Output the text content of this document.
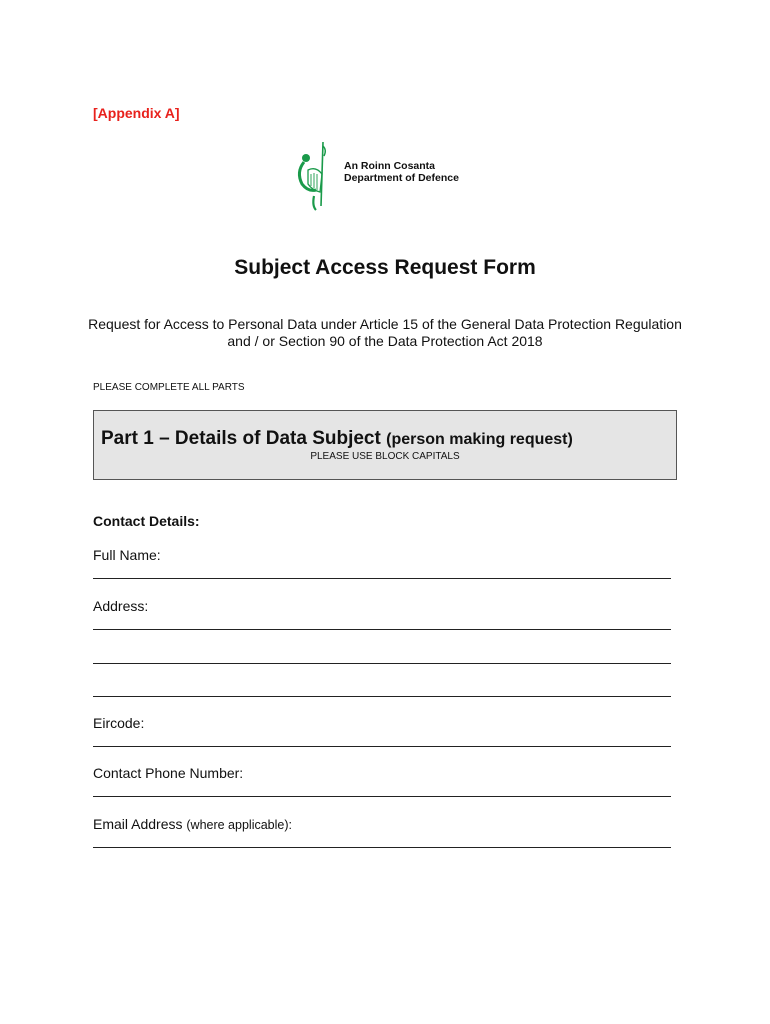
[Appendix A]
An Roinn Cosanta
Department of Defence
Subject Access Request Form

Request for Access to Personal Data under Article 15 of the General Data Protection Regulation and / or Section 90 of the Data Protection Act 2018

PLEASE COMPLETE ALL PARTS
Part 1 – Details of Data Subject (person making request)
PLEASE USE BLOCK CAPITALS
Contact Details:
Full Name:
Address:
Eircode:
Contact Phone Number:
Email Address (where applicable):
